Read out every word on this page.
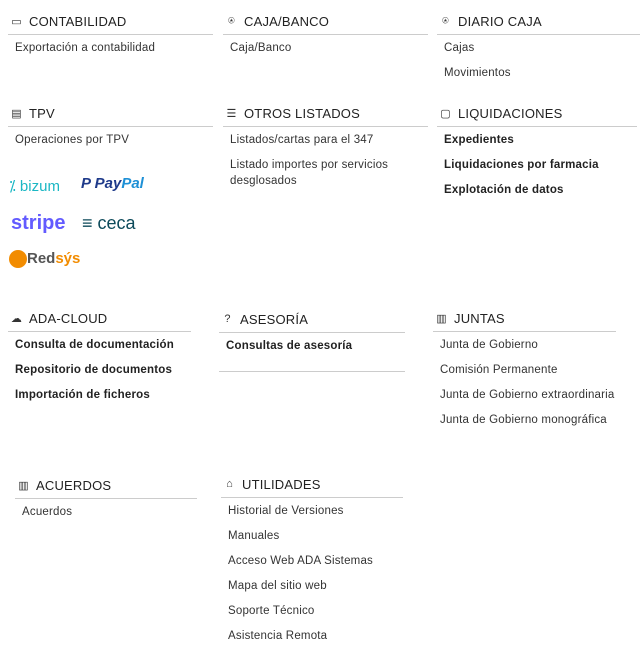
▭ CONTABILIDAD
Exportación a contabilidad
⍟ CAJA/BANCO
Caja/Banco
⍟ DIARIO CAJA
Cajas
Movimientos
▤ TPV
Operaciones por TPV
☰ OTROS LISTADOS
Listados/cartas para el 347
Listado importes por servicios desglosados
▢ LIQUIDACIONES
Expedientes
Liquidaciones por farmacia
Explotación de datos
☁ ADA-CLOUD
Consulta de documentación
Repositorio de documentos
Importación de ficheros
? ASESORÍA
Consultas de asesoría
▥ JUNTAS
Junta de Gobierno
Comisión Permanente
Junta de Gobierno extraordinaria
Junta de Gobierno monográfica
▥ ACUERDOS
Acuerdos
⌂ UTILIDADES
Historial de Versiones
Manuales
Acceso Web ADA Sistemas
Mapa del sitio web
Soporte Técnico
Asistencia Remota
⁒ bizum P PayPal
stripe ≡ ceca
Redsýs
